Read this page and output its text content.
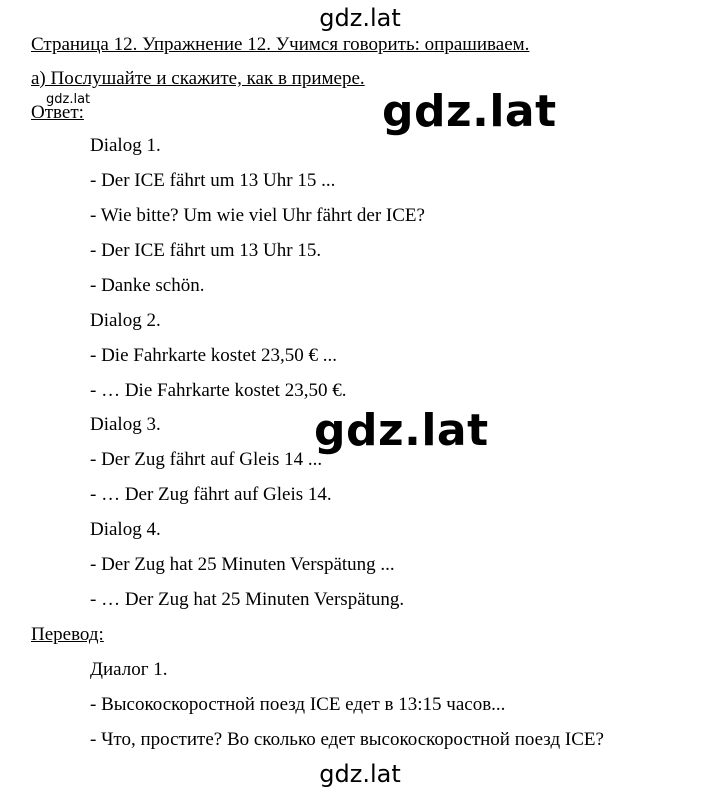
gdz.lat
Страница 12. Упражнение 12. Учимся говорить: опрашиваем.
а) Послушайте и скажите, как в примере.
Ответ:
gdz.lat	gdz.lat
Dialog 1.
- Der ICE fährt um 13 Uhr 15 ...
- Wie bitte? Um wie viel Uhr fährt der ICE?
- Der ICE fährt um 13 Uhr 15.
- Danke schön.
Dialog 2.
- Die Fahrkarte kostet 23,50 € ...
- … Die Fahrkarte kostet 23,50 €.
Dialog 3.
- Der Zug fährt auf Gleis 14 ...
- … Der Zug fährt auf Gleis 14.
Dialog 4.
- Der Zug hat 25 Minuten Verspätung ...
- … Der Zug hat 25 Minuten Verspätung.
gdz.lat
Перевод:
Диалог 1.
- Высокоскоростной поезд ICE едет в 13:15 часов...
- Что, простите? Во сколько едет высокоскоростной поезд ICE?
gdz.lat
